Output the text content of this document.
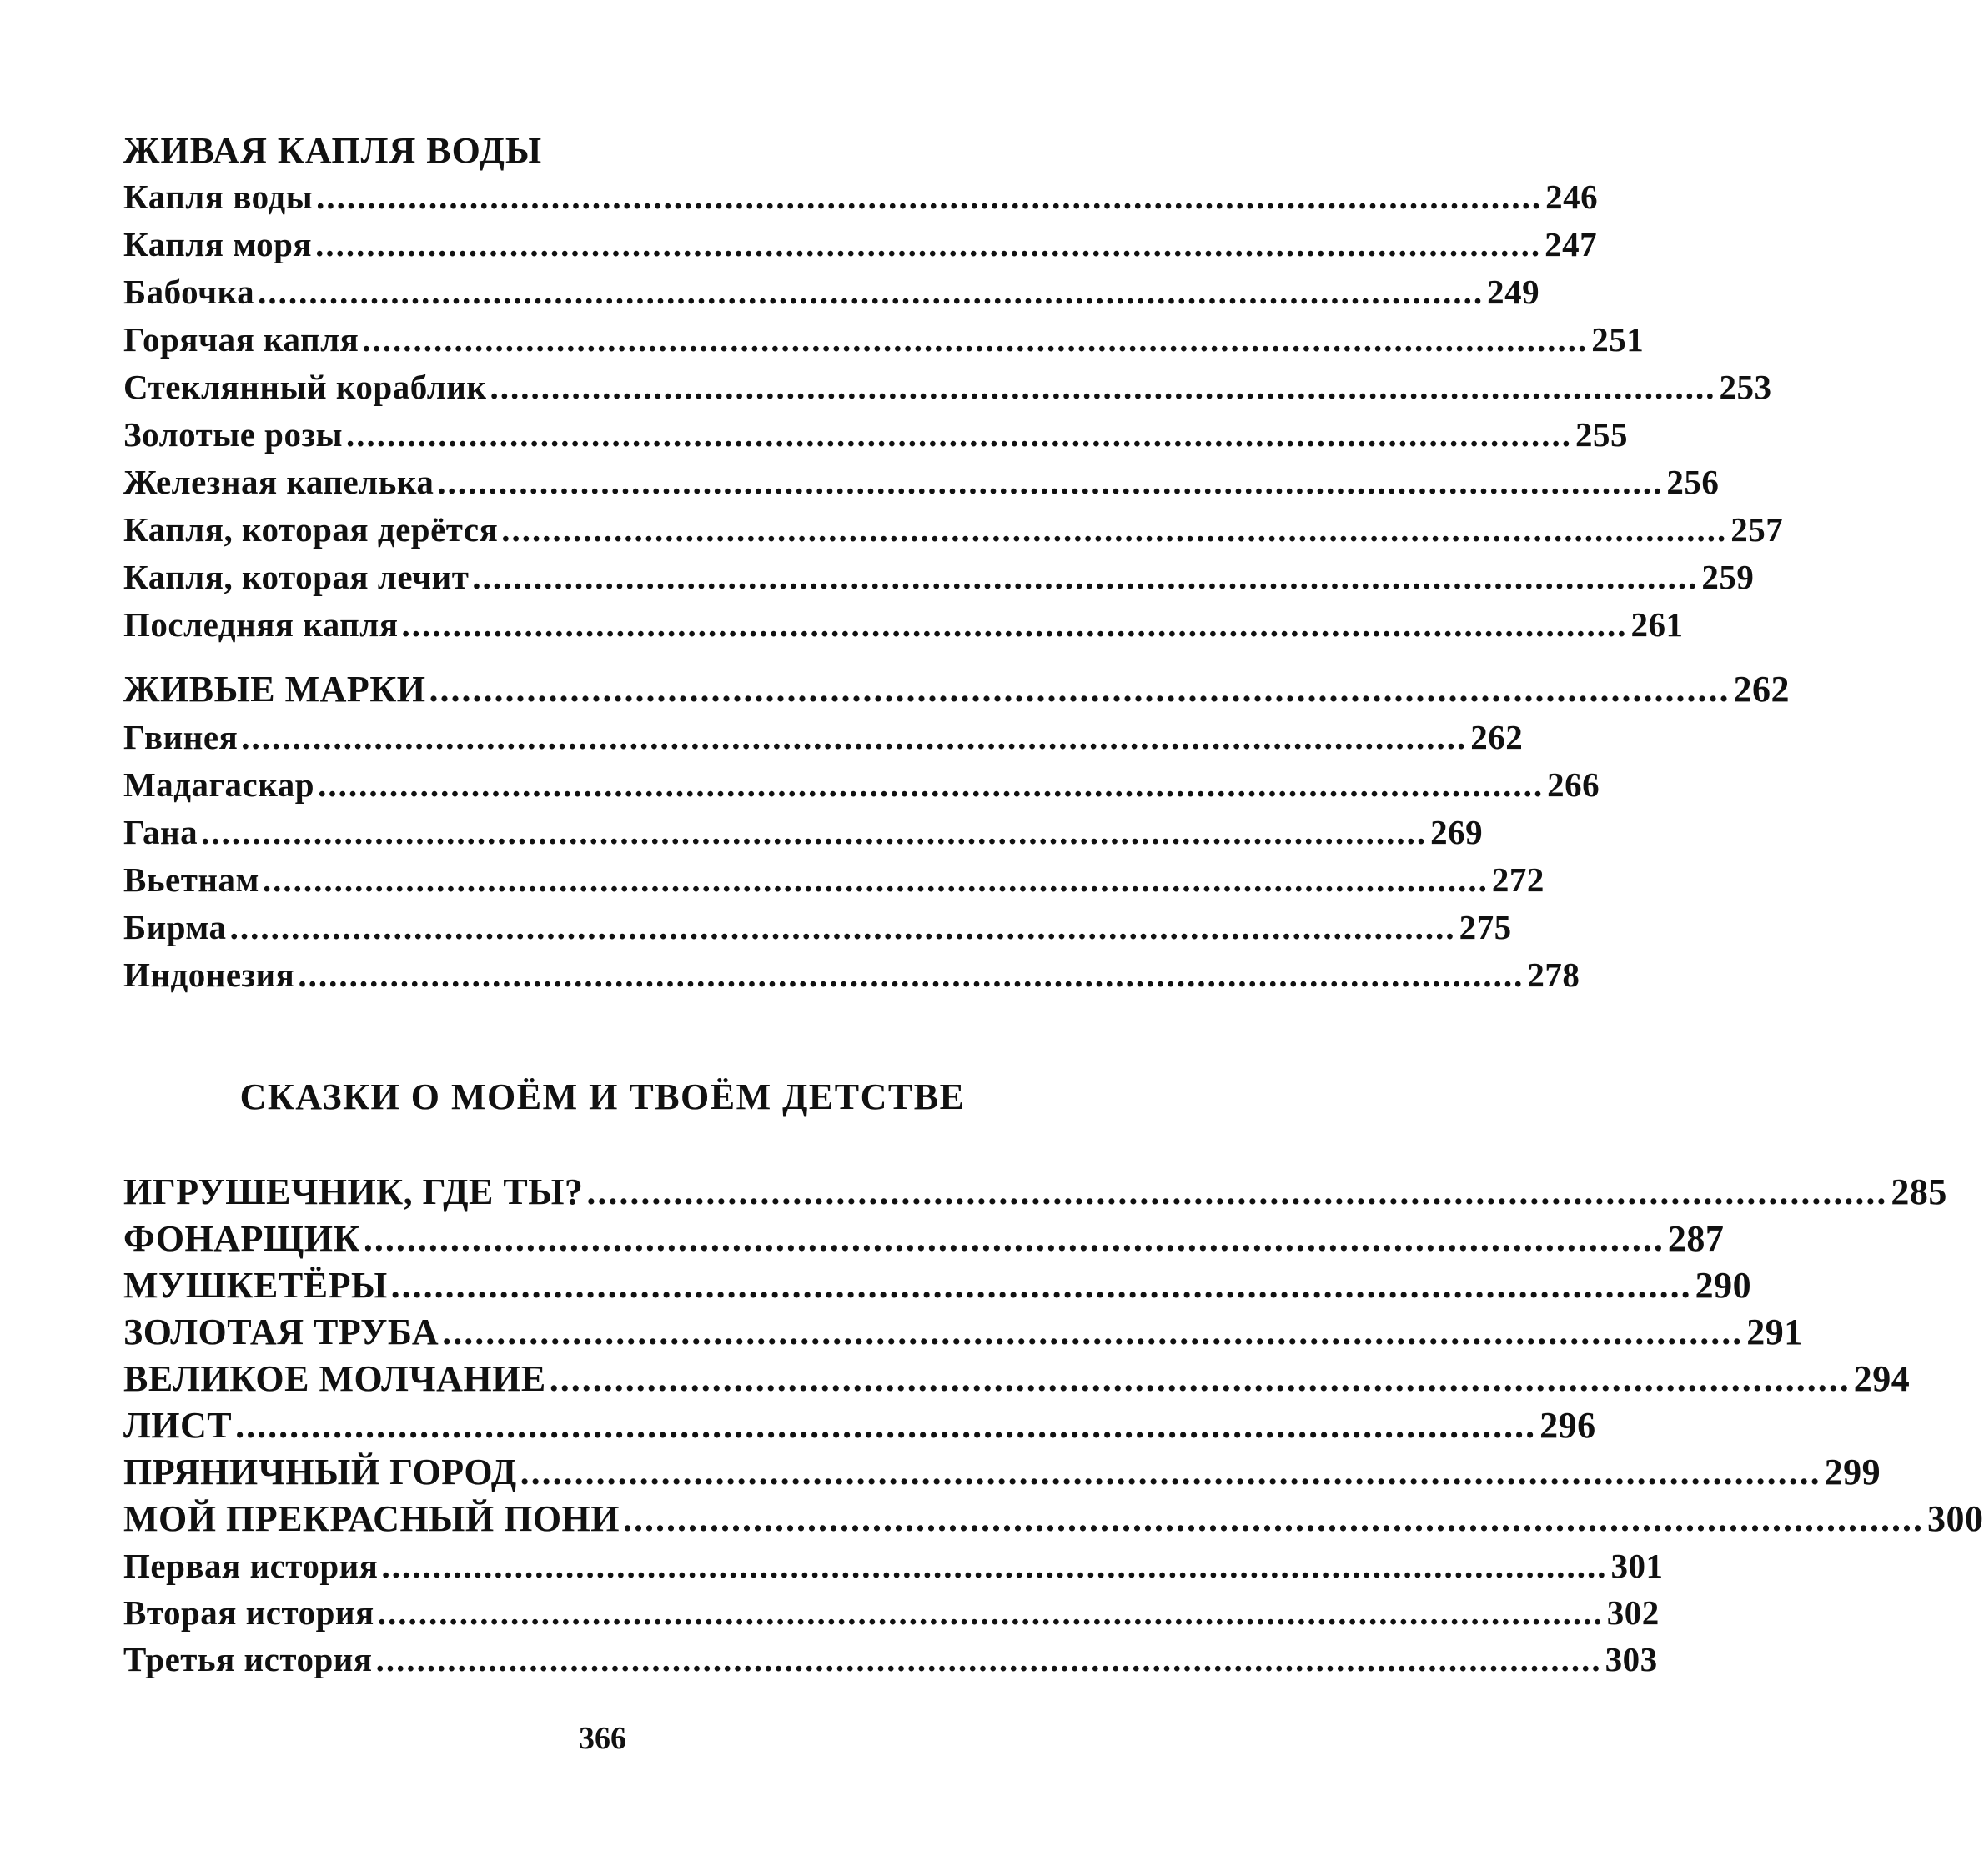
ЖИВАЯ КАПЛЯ ВОДЫ
Капля воды ........................................................................................................................ 246
Капля моря ........................................................................................................................ 247
Бабочка ........................................................................................................................ 249
Горячая капля ........................................................................................................................ 251
Стеклянный кораблик ........................................................................................................................ 253
Золотые розы ........................................................................................................................ 255
Железная капелька ........................................................................................................................ 256
Капля, которая дерётся ........................................................................................................................ 257
Капля, которая лечит ........................................................................................................................ 259
Последняя капля ........................................................................................................................ 261
ЖИВЫЕ МАРКИ ........................................................................................................................ 262
Гвинея ........................................................................................................................ 262
Мадагаскар ........................................................................................................................ 266
Гана ........................................................................................................................ 269
Вьетнам ........................................................................................................................ 272
Бирма ........................................................................................................................ 275
Индонезия ........................................................................................................................ 278
СКАЗКИ О МОЁМ И ТВОЁМ ДЕТСТВЕ
ИГРУШЕЧНИК, ГДЕ ТЫ? ........................................................................................................................ 285
ФОНАРЩИК ........................................................................................................................ 287
МУШКЕТЁРЫ ........................................................................................................................ 290
ЗОЛОТАЯ ТРУБА ........................................................................................................................ 291
ВЕЛИКОЕ МОЛЧАНИЕ ........................................................................................................................ 294
ЛИСТ ........................................................................................................................ 296
ПРЯНИЧНЫЙ ГОРОД ........................................................................................................................ 299
МОЙ ПРЕКРАСНЫЙ ПОНИ ........................................................................................................................ 300
Первая история ........................................................................................................................ 301
Вторая история ........................................................................................................................ 302
Третья история ........................................................................................................................ 303
366
